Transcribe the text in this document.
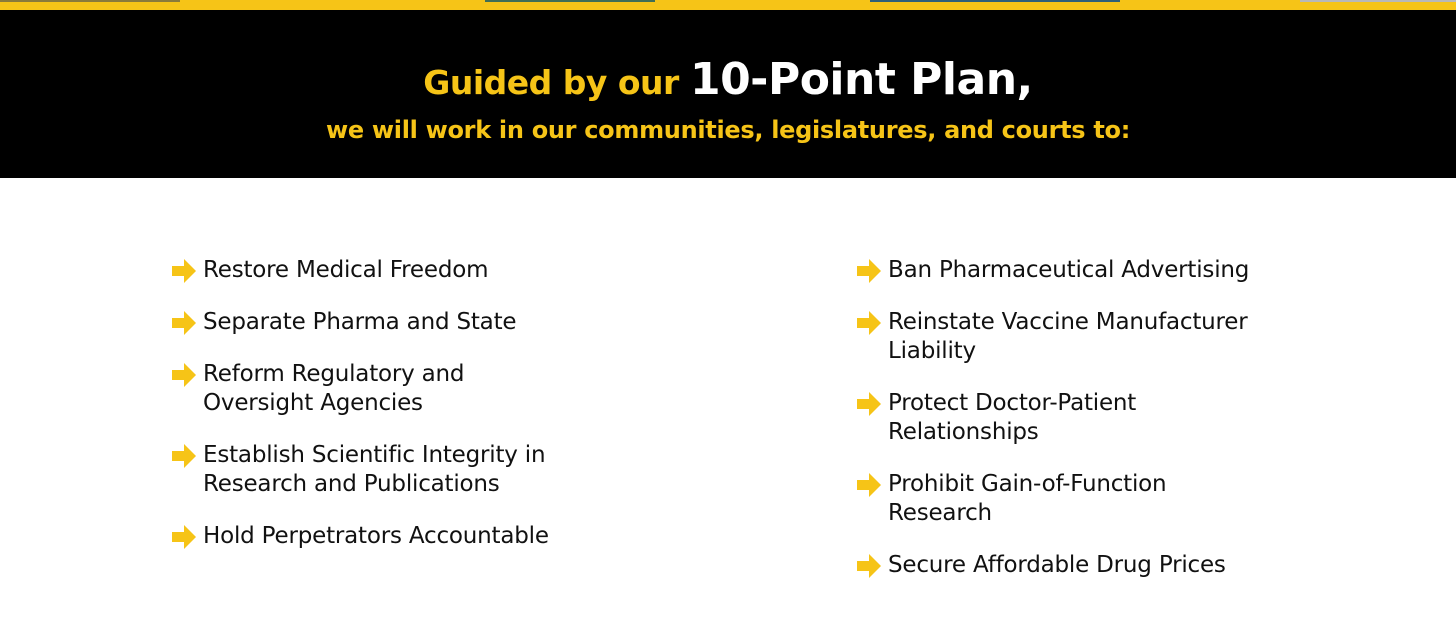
Guided by our 10-Point Plan,
we will work in our communities, legislatures, and courts to:
Restore Medical Freedom
Separate Pharma and State
Reform Regulatory and
Oversight Agencies
Establish Scientific Integrity in
Research and Publications
Hold Perpetrators Accountable
Ban Pharmaceutical Advertising
Reinstate Vaccine Manufacturer
Liability
Protect Doctor-Patient
Relationships
Prohibit Gain-of-Function
Research
Secure Affordable Drug Prices
